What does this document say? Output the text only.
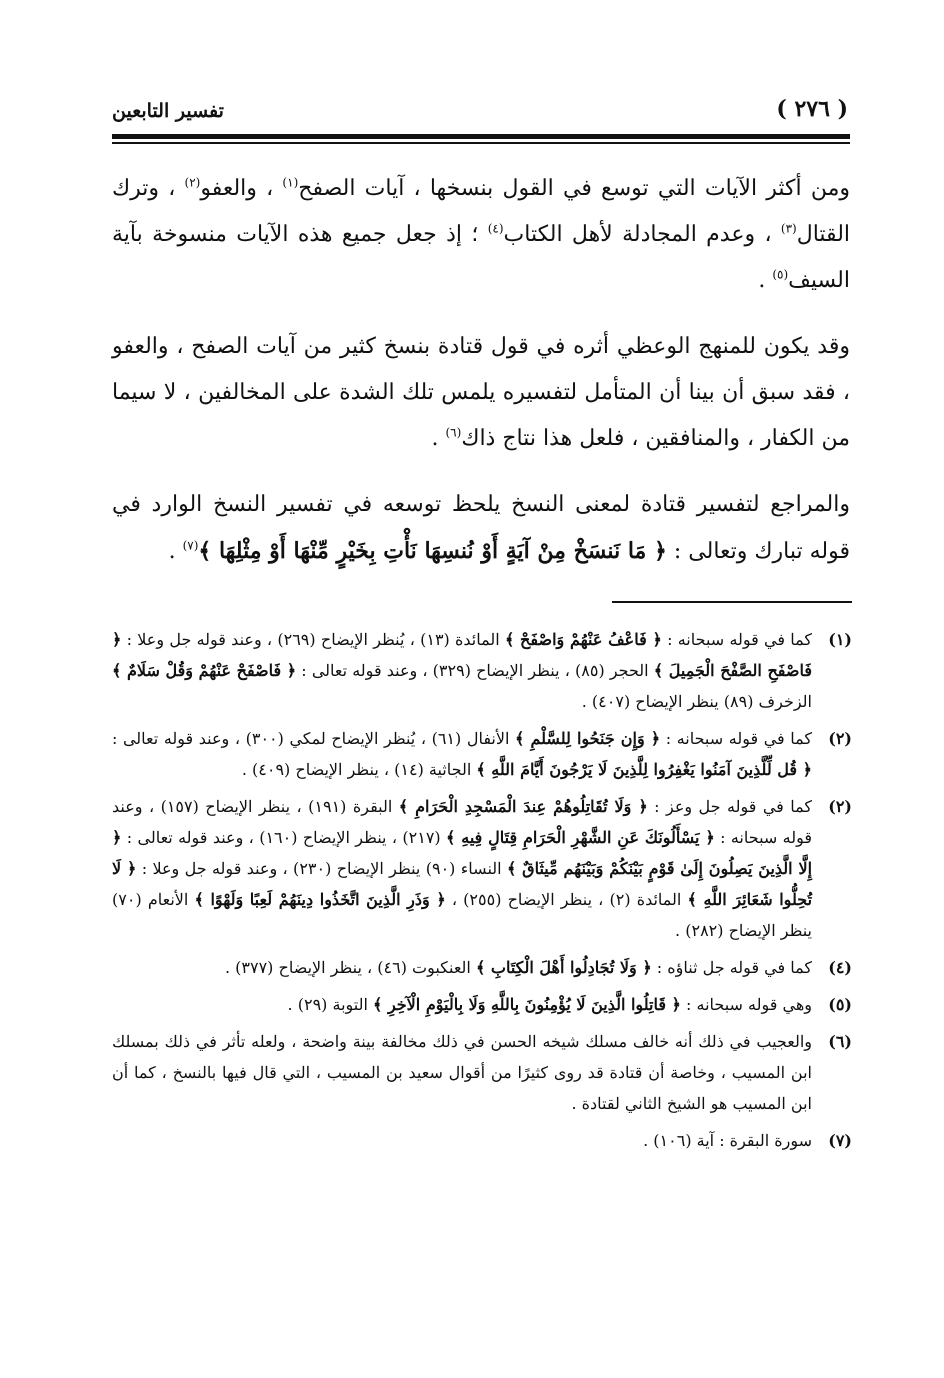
( ٢٧٦ )
تفسير التابعين

ومن أكثر الآيات التي توسع في القول بنسخها ، آيات الصفح$^{(١)}$ ، والعفو$^{(٢)}$ ، وترك القتال$^{(٣)}$ ، وعدم المجادلة لأهل الكتاب$^{(٤)}$ ؛ إذ جعل جميع هذه الآيات منسوخة بآية السيف$^{(٥)}$ .

وقد يكون للمنهج الوعظي أثره في قول قتادة بنسخ كثير من آيات الصفح ، والعفو ، فقد سبق أن بينا أن المتأمل لتفسيره يلمس تلك الشدة على المخالفين ، لا سيما من الكفار ، والمنافقين ، فلعل هذا نتاج ذاك$^{(٦)}$ .

والمراجع لتفسير قتادة لمعنى النسخ يلحظ توسعه في تفسير النسخ الوارد في قوله تبارك وتعالى : ﴿ مَا نَنسَخْ مِنْ آيَةٍ أَوْ نُنسِهَا نَأْتِ بِخَيْرٍ مِّنْهَا أَوْ مِثْلِهَا ﴾$^{(٧)}$ .

(١)
كما في قوله سبحانه : ﴿ فَاعْفُ عَنْهُمْ وَاصْفَحْ ﴾ المائدة (١٣) ، يُنظر الإيضاح (٢٦٩) ، وعند قوله جل وعلا : ﴿ فَاصْفَحِ الصَّفْحَ الْجَمِيلَ ﴾ الحجر (٨٥) ، ينظر الإيضاح (٣٢٩) ، وعند قوله تعالى : ﴿ فَاصْفَحْ عَنْهُمْ وَقُلْ سَلَامٌ ﴾ الزخرف (٨٩) ينظر الإيضاح (٤٠٧) .
(٢)
كما في قوله سبحانه : ﴿ وَإِن جَنَحُوا لِلسَّلْمِ ﴾ الأنفال (٦١) ، يُنظر الإيضاح لمكي (٣٠٠) ، وعند قوله تعالى : ﴿ قُل لِّلَّذِينَ آمَنُوا يَغْفِرُوا لِلَّذِينَ لَا يَرْجُونَ أَيَّامَ اللَّهِ ﴾ الجاثية (١٤) ، ينظر الإيضاح (٤٠٩) .
(٢)
كما في قوله جل وعز : ﴿ وَلَا تُقَاتِلُوهُمْ عِندَ الْمَسْجِدِ الْحَرَامِ ﴾ البقرة (١٩١) ، ينظر الإيضاح (١٥٧) ، وعند قوله سبحانه : ﴿ يَسْأَلُونَكَ عَنِ الشَّهْرِ الْحَرَامِ قِتَالٍ فِيهِ ﴾ (٢١٧) ، ينظر الإيضاح (١٦٠) ، وعند قوله تعالى : ﴿ إِلَّا الَّذِينَ يَصِلُونَ إِلَىٰ قَوْمٍ بَيْنَكُمْ وَبَيْنَهُم مِّيثَاقٌ ﴾ النساء (٩٠) ينظر الإيضاح (٢٣٠) ، وعند قوله جل وعلا : ﴿ لَا تُحِلُّوا شَعَائِرَ اللَّهِ ﴾ المائدة (٢) ، ينظر الإيضاح (٢٥٥) ، ﴿ وَذَرِ الَّذِينَ اتَّخَذُوا دِينَهُمْ لَعِبًا وَلَهْوًا ﴾ الأنعام (٧٠) ينظر الإيضاح (٢٨٢) .
(٤)
كما في قوله جل ثناؤه : ﴿ وَلَا تُجَادِلُوا أَهْلَ الْكِتَابِ ﴾ العنكبوت (٤٦) ، ينظر الإيضاح (٣٧٧) .
(٥)
وهي قوله سبحانه : ﴿ قَاتِلُوا الَّذِينَ لَا يُؤْمِنُونَ بِاللَّهِ وَلَا بِالْيَوْمِ الْآخِرِ ﴾ التوبة (٢٩) .
(٦)
والعجيب في ذلك أنه خالف مسلك شيخه الحسن في ذلك مخالفة بينة واضحة ، ولعله تأثر في ذلك بمسلك ابن المسيب ، وخاصة أن قتادة قد روى كثيرًا من أقوال سعيد بن المسيب ، التي قال فيها بالنسخ ، كما أن ابن المسيب هو الشيخ الثاني لقتادة .
(٧)
سورة البقرة : آية (١٠٦) .
